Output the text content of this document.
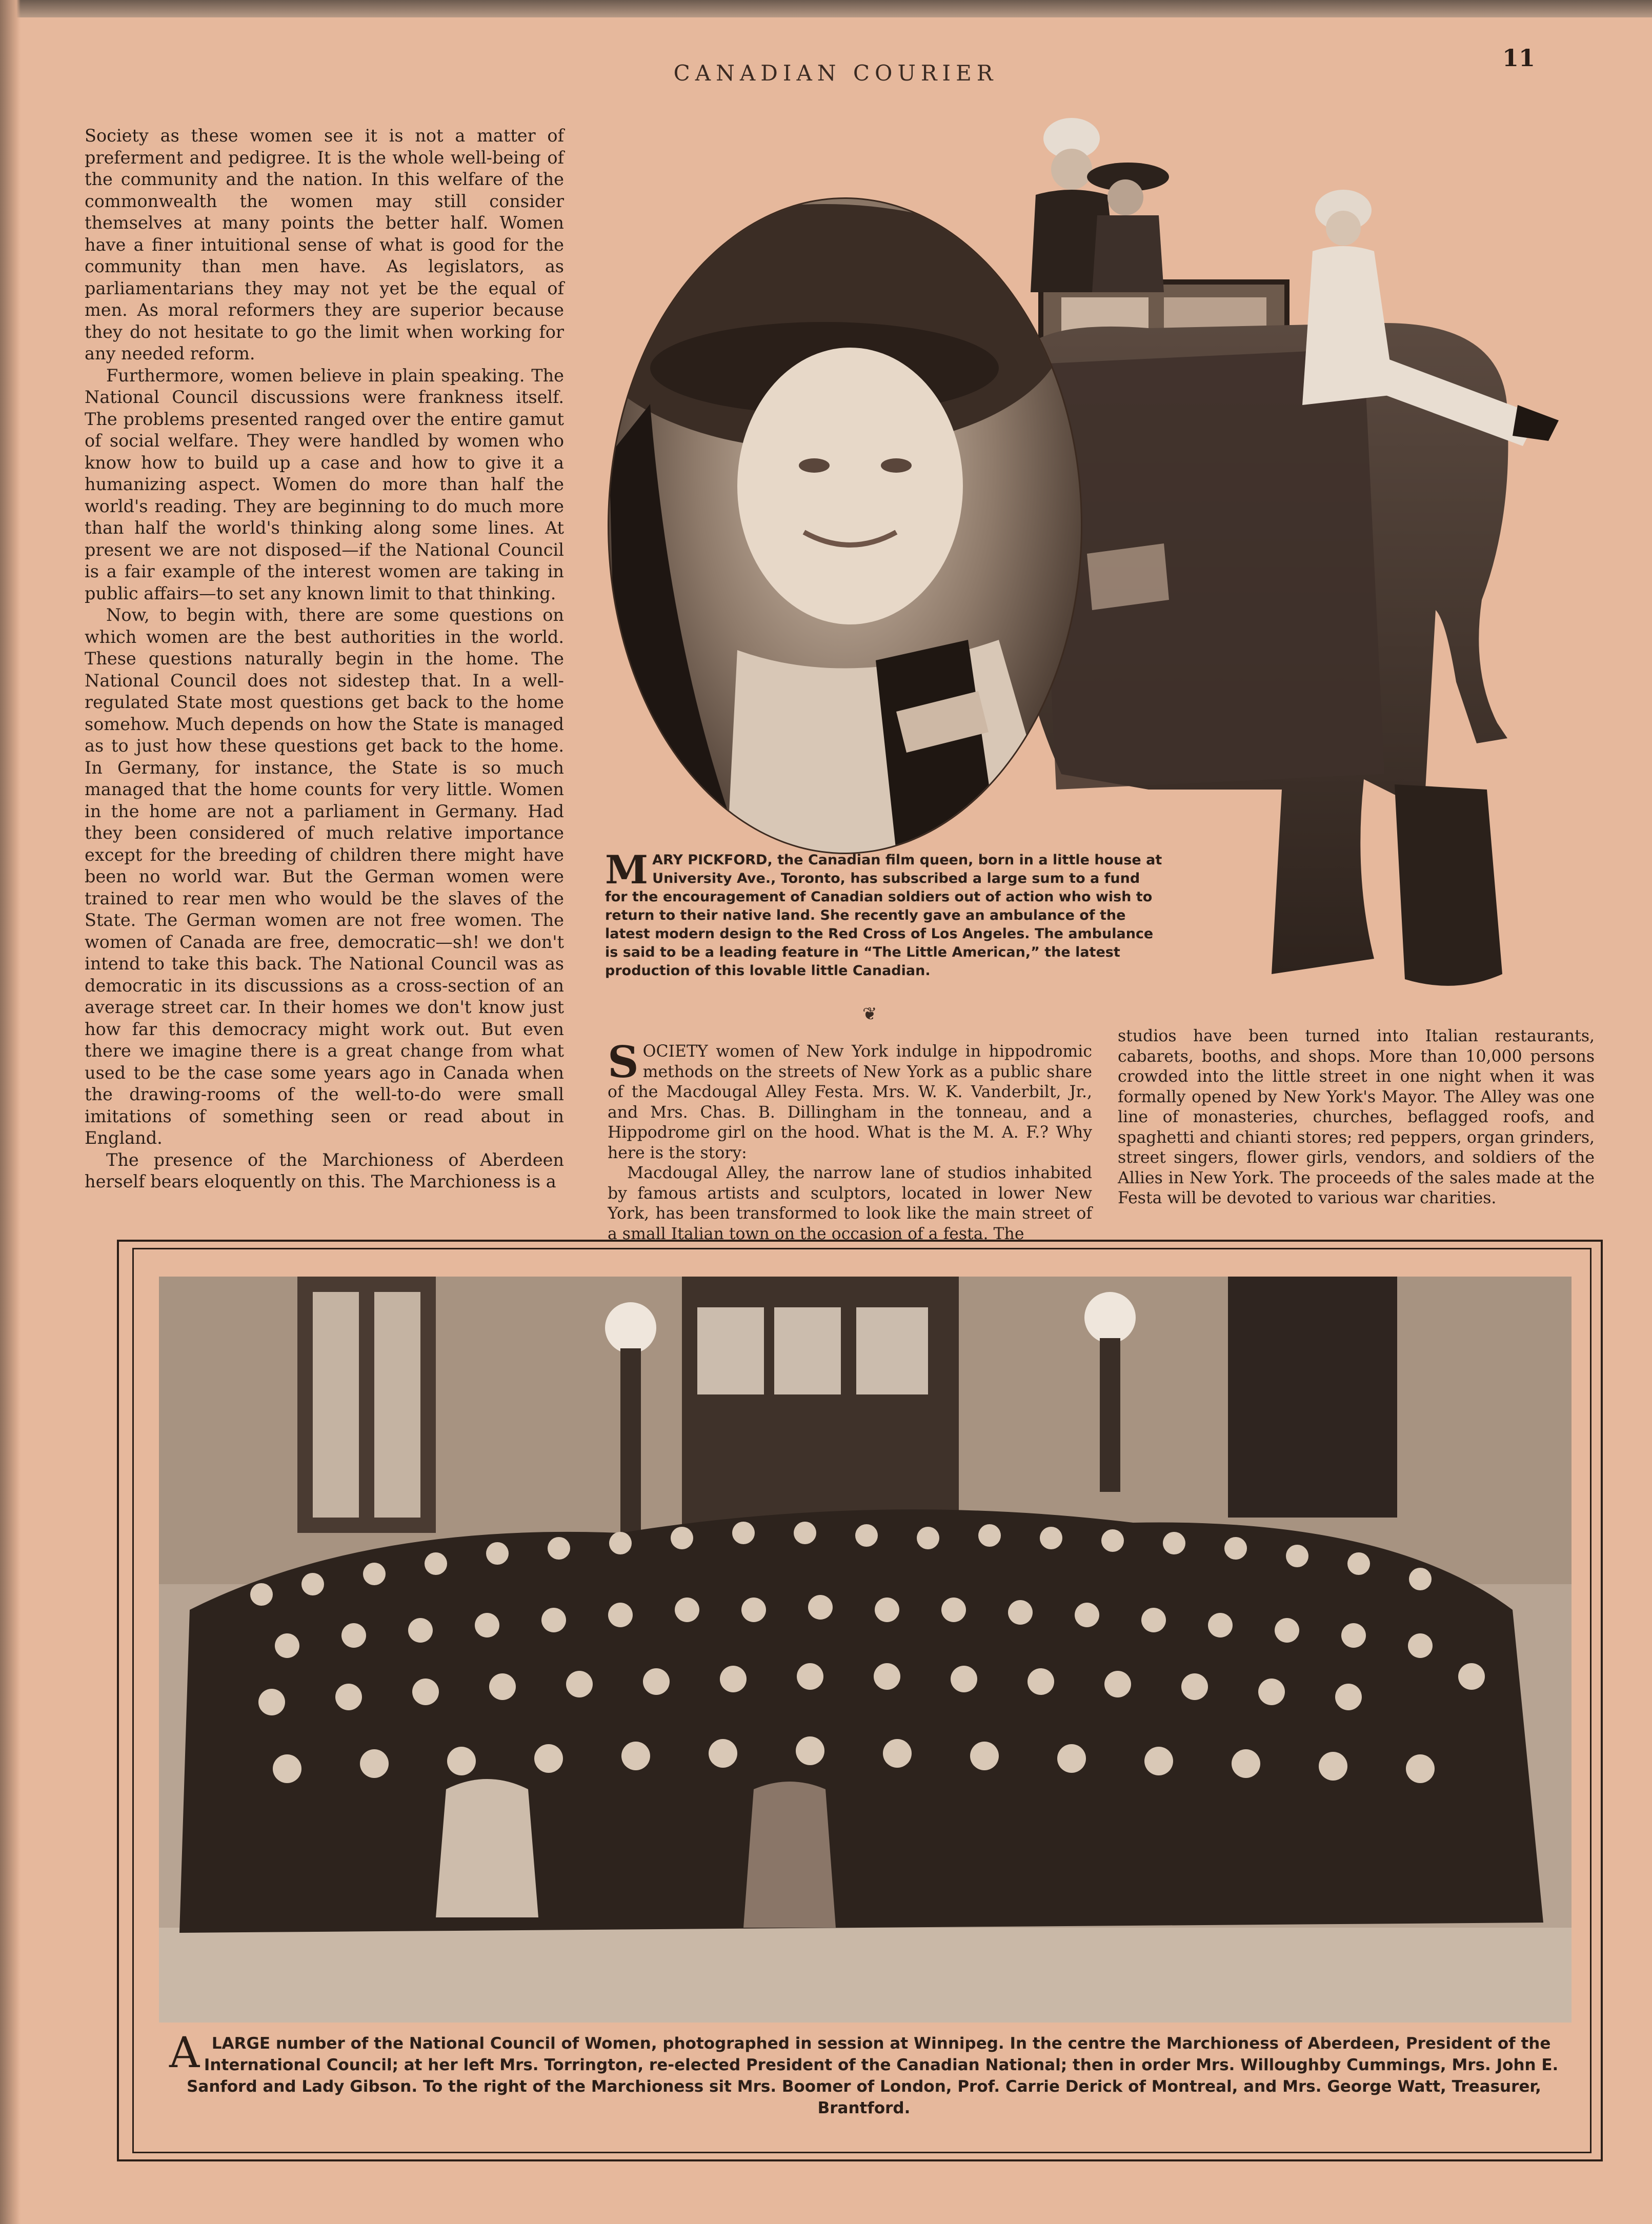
CANADIAN COURIER
11

Society as these women see it is not a matter of preferment and pedigree. It is the whole well-being of the community and the nation. In this welfare of the commonwealth the women may still consider themselves at many points the better half. Women have a finer intuitional sense of what is good for the community than men have. As legislators, as parliamentarians they may not yet be the equal of men. As moral reformers they are superior because they do not hesitate to go the limit when working for any needed reform.

Furthermore, women believe in plain speaking. The National Council discussions were frankness itself. The problems presented ranged over the entire gamut of social welfare. They were handled by women who know how to build up a case and how to give it a humanizing aspect. Women do more than half the world's reading. They are beginning to do much more than half the world's thinking along some lines. At present we are not disposed—if the National Council is a fair example of the interest women are taking in public affairs—to set any known limit to that thinking.

Now, to begin with, there are some questions on which women are the best authorities in the world. These questions naturally begin in the home. The National Council does not sidestep that. In a well-regulated State most questions get back to the home somehow. Much depends on how the State is managed as to just how these questions get back to the home. In Germany, for instance, the State is so much managed that the home counts for very little. Women in the home are not a parliament in Germany. Had they been considered of much relative importance except for the breeding of children there might have been no world war. But the German women were trained to rear men who would be the slaves of the State. The German women are not free women. The women of Canada are free, democratic—sh! we don't intend to take this back. The National Council was as democratic in its discussions as a cross-section of an average street car. In their homes we don't know just how far this democracy might work out. But even there we imagine there is a great change from what used to be the case some years ago in Canada when the drawing-rooms of the well-to-do were small imitations of something seen or read about in England.

The presence of the Marchioness of Aberdeen herself bears eloquently on this. The Marchioness is a

MARY PICKFORD, the Canadian film queen, born in a little house at University Ave., Toronto, has subscribed a large sum to a fund for the encouragement of Canadian soldiers out of action who wish to return to their native land. She recently gave an ambulance of the latest modern design to the Red Cross of Los Angeles. The ambulance is said to be a leading feature in “The Little American,” the latest production of this lovable little Canadian.
❦

SOCIETY women of New York indulge in hippodromic methods on the streets of New York as a public share of the Macdougal Alley Festa. Mrs. W. K. Vanderbilt, Jr., and Mrs. Chas. B. Dillingham in the tonneau, and a Hippodrome girl on the hood. What is the M. A. F.? Why here is the story:

Macdougal Alley, the narrow lane of studios inhabited by famous artists and sculptors, located in lower New York, has been transformed to look like the main street of a small Italian town on the occasion of a festa. The

studios have been turned into Italian restaurants, cabarets, booths, and shops. More than 10,000 persons crowded into the little street in one night when it was formally opened by New York's Mayor. The Alley was one line of monasteries, churches, beflagged roofs, and spaghetti and chianti stores; red peppers, organ grinders, street singers, flower girls, vendors, and soldiers of the Allies in New York. The proceeds of the sales made at the Festa will be devoted to various war charities.

ALARGE number of the National Council of Women, photographed in session at Winnipeg. In the centre the Marchioness of Aberdeen, President of the International Council; at her left Mrs. Torrington, re-elected President of the Canadian National; then in order Mrs. Willoughby Cummings, Mrs. John E. Sanford and Lady Gibson. To the right of the Marchioness sit Mrs. Boomer of London, Prof. Carrie Derick of Montreal, and Mrs. George Watt, Treasurer, Brantford.
